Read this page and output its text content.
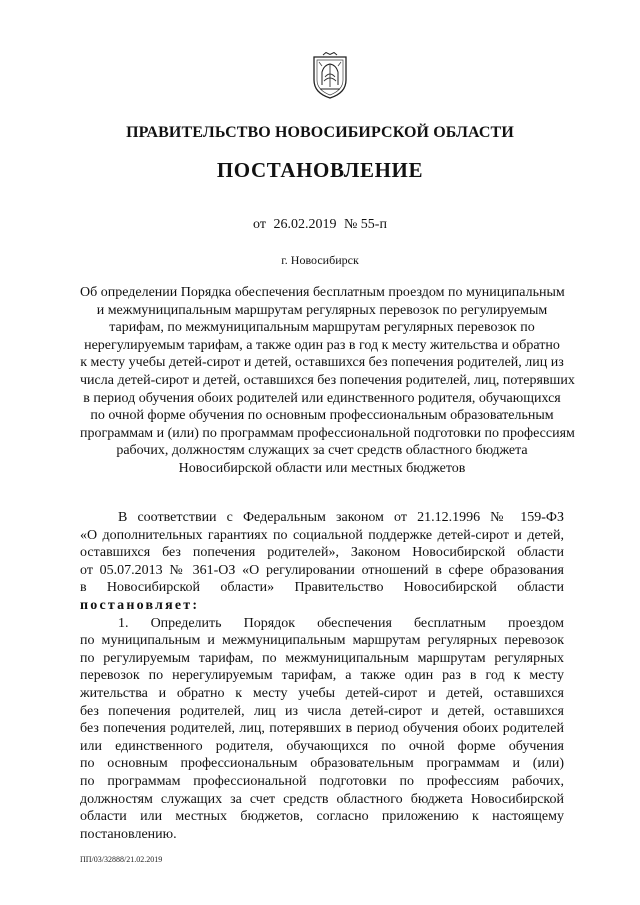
ПРАВИТЕЛЬСТВО НОВОСИБИРСКОЙ ОБЛАСТИ
ПОСТАНОВЛЕНИЕ
от 26.02.2019 № 55-п
г. Новосибирск
Об определении Порядка обеспечения бесплатным проездом по муниципальным
и межмуниципальным маршрутам регулярных перевозок по регулируемым
тарифам, по межмуниципальным маршрутам регулярных перевозок по
нерегулируемым тарифам, а также один раз в год к месту жительства и обратно
к месту учебы детей-сирот и детей, оставшихся без попечения родителей, лиц из
числа детей-сирот и детей, оставшихся без попечения родителей, лиц, потерявших
в период обучения обоих родителей или единственного родителя, обучающихся
по очной форме обучения по основным профессиональным образовательным
программам и (или) по программам профессиональной подготовки по профессиям
рабочих, должностям служащих за счет средств областного бюджета
Новосибирской области или местных бюджетов
В соответствии с Федеральным законом от 21.12.1996 № 159-ФЗ
«О дополнительных гарантиях по социальной поддержке детей-сирот и детей,
оставшихся без попечения родителей», Законом Новосибирской области
от 05.07.2013 № 361-ОЗ «О регулировании отношений в сфере образования
в Новосибирской области» Правительство Новосибирской области
постановляет:
1. Определить Порядок обеспечения бесплатным проездом
по муниципальным и межмуниципальным маршрутам регулярных перевозок
по регулируемым тарифам, по межмуниципальным маршрутам регулярных
перевозок по нерегулируемым тарифам, а также один раз в год к месту
жительства и обратно к месту учебы детей-сирот и детей, оставшихся
без попечения родителей, лиц из числа детей-сирот и детей, оставшихся
без попечения родителей, лиц, потерявших в период обучения обоих родителей
или единственного родителя, обучающихся по очной форме обучения
по основным профессиональным образовательным программам и (или)
по программам профессиональной подготовки по профессиям рабочих,
должностям служащих за счет средств областного бюджета Новосибирской
области или местных бюджетов, согласно приложению к настоящему
постановлению.
ПП/03/32888/21.02.2019
